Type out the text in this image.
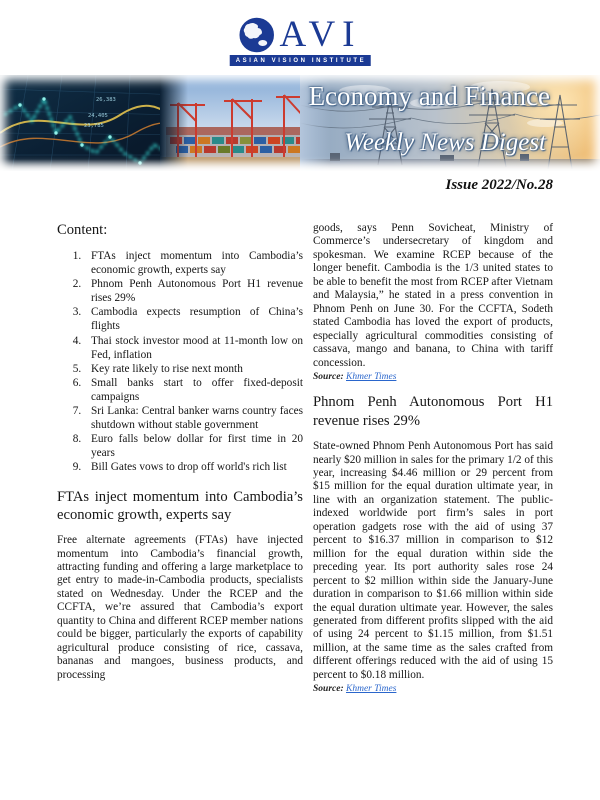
AVI
ASIAN VISION INSTITUTE
26,383
24,405
23,785
Economy and Finance
Weekly News Digest
Issue 2022/No.28
Content:
1. FTAs inject momentum into Cambodia’s economic growth, experts say
2. Phnom Penh Autonomous Port H1 revenue rises 29%
3. Cambodia expects resumption of China’s flights
4. Thai stock investor mood at 11-month low on Fed, inflation
5. Key rate likely to rise next month
6. Small banks start to offer fixed-deposit campaigns
7. Sri Lanka: Central banker warns country faces shutdown without stable government
8. Euro falls below dollar for first time in 20 years
9. Bill Gates vows to drop off world's rich list
FTAs inject momentum into Cambodia’s economic growth, experts say

Free alternate agreements (FTAs) have injected momentum into Cambodia’s financial growth, attracting funding and offering a large marketplace to get entry to made-in-Cambodia products, specialists stated on Wednesday. Under the RCEP and the CCFTA, we’re assured that Cambodia’s export quantity to China and different RCEP member nations could be bigger, particularly the exports of capability agricultural produce consisting of rice, cassava, bananas and mangoes, business products, and processing

goods, says Penn Sovicheat, Ministry of Commerce’s undersecretary of kingdom and spokesman. We examine RCEP because of the longer benefit. Cambodia is the 1/3 united states to be able to benefit the most from RCEP after Vietnam and Malaysia,” he stated in a press convention in Phnom Penh on June 30. For the CCFTA, Sodeth stated Cambodia has loved the export of products, especially agricultural commodities consisting of cassava, mango and banana, to China with tariff concession.

Source: Khmer Times
Phnom Penh Autonomous Port H1 revenue rises 29%

State-owned Phnom Penh Autonomous Port has said nearly $20 million in sales for the primary 1/2 of this year, increasing $4.46 million or 29 percent from $15 million for the equal duration ultimate year, in line with an organization statement. The public-indexed worldwide port firm’s sales in port operation gadgets rose with the aid of using 37 percent to $16.37 million in comparison to $12 million for the equal duration within side the preceding year. Its port authority sales rose 24 percent to $2 million within side the January-June duration in comparison to $1.66 million within side the equal duration ultimate year. However, the sales generated from different profits slipped with the aid of using 24 percent to $1.15 million, from $1.51 million, at the same time as the sales crafted from different offerings reduced with the aid of using 15 percent to $0.18 million.

Source: Khmer Times
